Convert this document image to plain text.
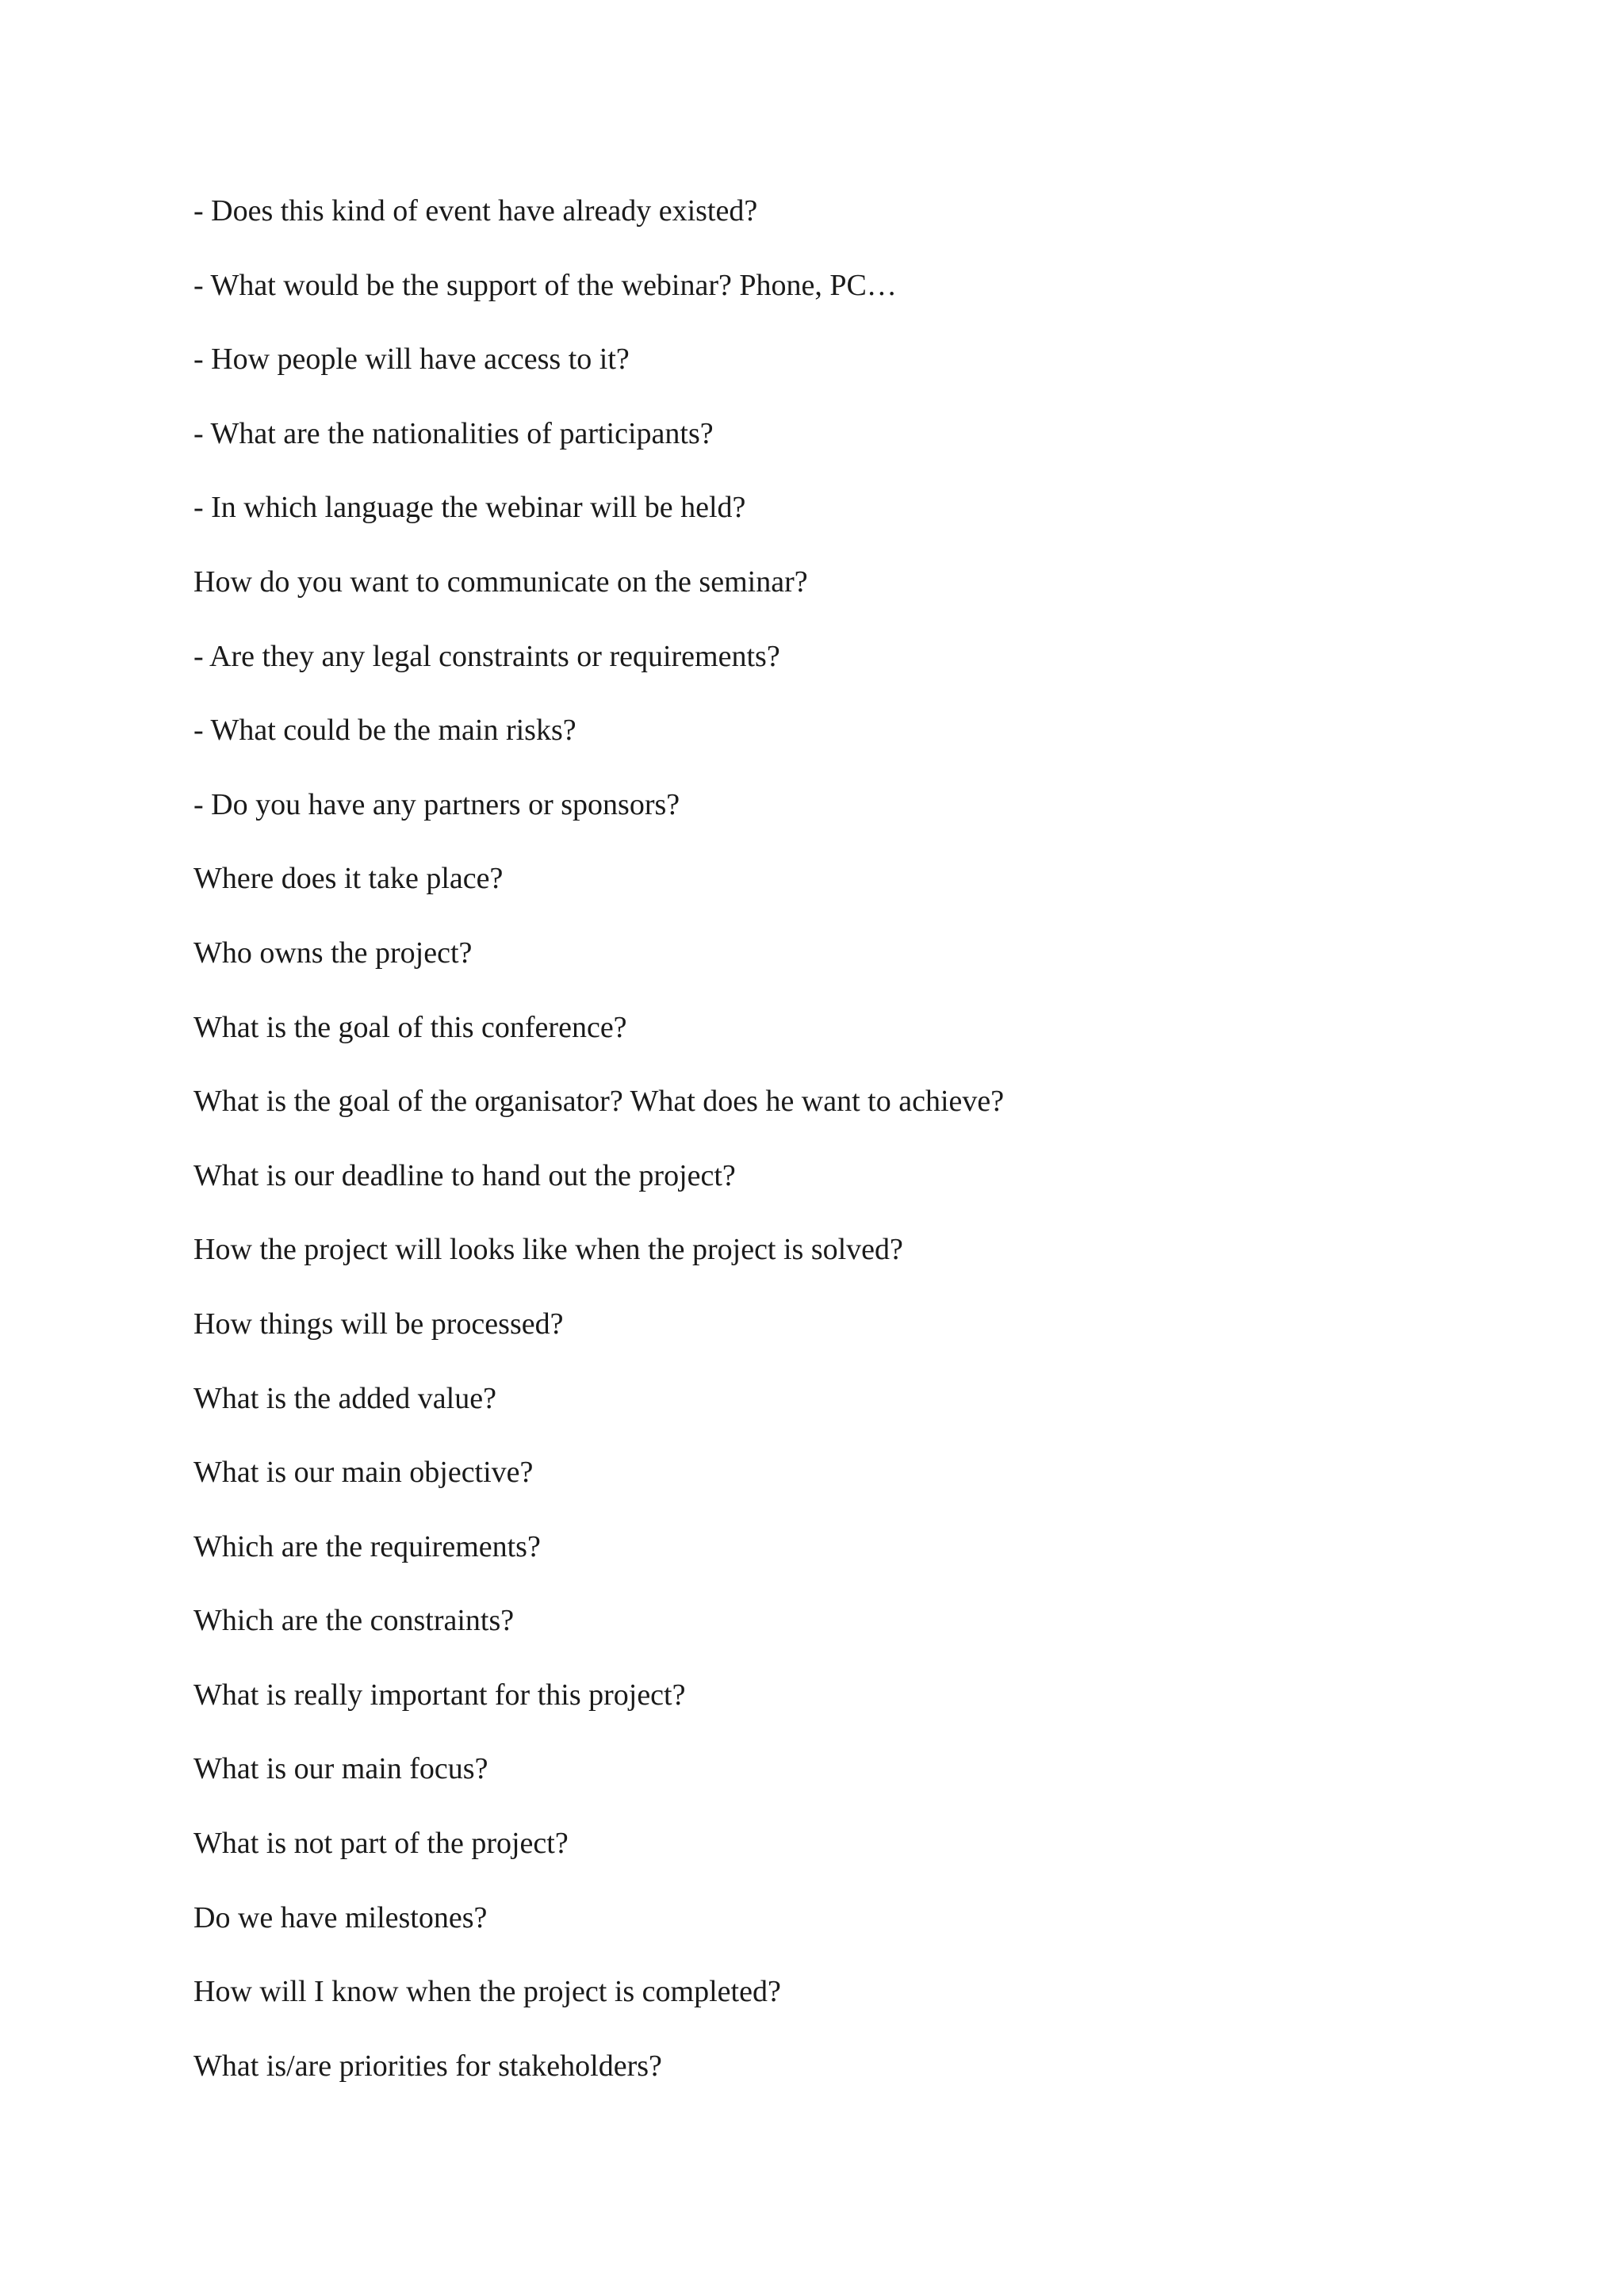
- Does this kind of event have already existed?
- What would be the support of the webinar? Phone, PC…
- How people will have access to it?
- What are the nationalities of participants?
- In which language the webinar will be held?
How do you want to communicate on the seminar?
- Are they any legal constraints or requirements?
- What could be the main risks?
- Do you have any partners or sponsors?
Where does it take place?
Who owns the project?
What is the goal of this conference?
What is the goal of the organisator? What does he want to achieve?
What is our deadline to hand out the project?
How the project will looks like when the project is solved?
How things will be processed?
What is the added value?
What is our main objective?
Which are the requirements?
Which are the constraints?
What is really important for this project?
What is our main focus?
What is not part of the project?
Do we have milestones?
How will I know when the project is completed?
What is/are priorities for stakeholders?
